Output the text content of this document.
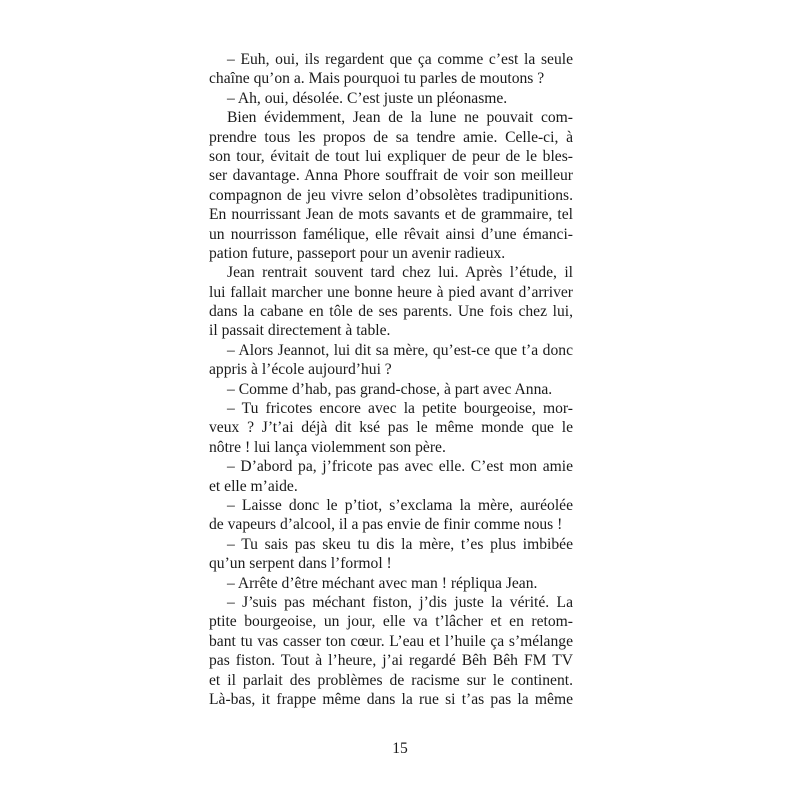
– Euh, oui, ils regardent que ça comme c’est la seule
chaîne qu’on a. Mais pourquoi tu parles de moutons ?
– Ah, oui, désolée. C’est juste un pléonasme.
Bien évidemment, Jean de la lune ne pouvait com-
prendre tous les propos de sa tendre amie. Celle-ci, à
son tour, évitait de tout lui expliquer de peur de le bles-
ser davantage. Anna Phore souffrait de voir son meilleur
compagnon de jeu vivre selon d’obsolètes tradipunitions.
En nourrissant Jean de mots savants et de grammaire, tel
un nourrisson famélique, elle rêvait ainsi d’une émanci-
pation future, passeport pour un avenir radieux.
Jean rentrait souvent tard chez lui. Après l’étude, il
lui fallait marcher une bonne heure à pied avant d’arriver
dans la cabane en tôle de ses parents. Une fois chez lui,
il passait directement à table.
– Alors Jeannot, lui dit sa mère, qu’est-ce que t’a donc
appris à l’école aujourd’hui ?
– Comme d’hab, pas grand-chose, à part avec Anna.
– Tu fricotes encore avec la petite bourgeoise, mor-
veux ? J’t’ai déjà dit ksé pas le même monde que le
nôtre ! lui lança violemment son père.
– D’abord pa, j’fricote pas avec elle. C’est mon amie
et elle m’aide.
– Laisse donc le p’tiot, s’exclama la mère, auréolée
de vapeurs d’alcool, il a pas envie de finir comme nous !
– Tu sais pas skeu tu dis la mère, t’es plus imbibée
qu’un serpent dans l’formol !
– Arrête d’être méchant avec man ! répliqua Jean.
– J’suis pas méchant fiston, j’dis juste la vérité. La
ptite bourgeoise, un jour, elle va t’lâcher et en retom-
bant tu vas casser ton cœur. L’eau et l’huile ça s’mélange
pas fiston. Tout à l’heure, j’ai regardé Bêh Bêh FM TV
et il parlait des problèmes de racisme sur le continent.
Là-bas, it frappe même dans la rue si t’as pas la même
15
